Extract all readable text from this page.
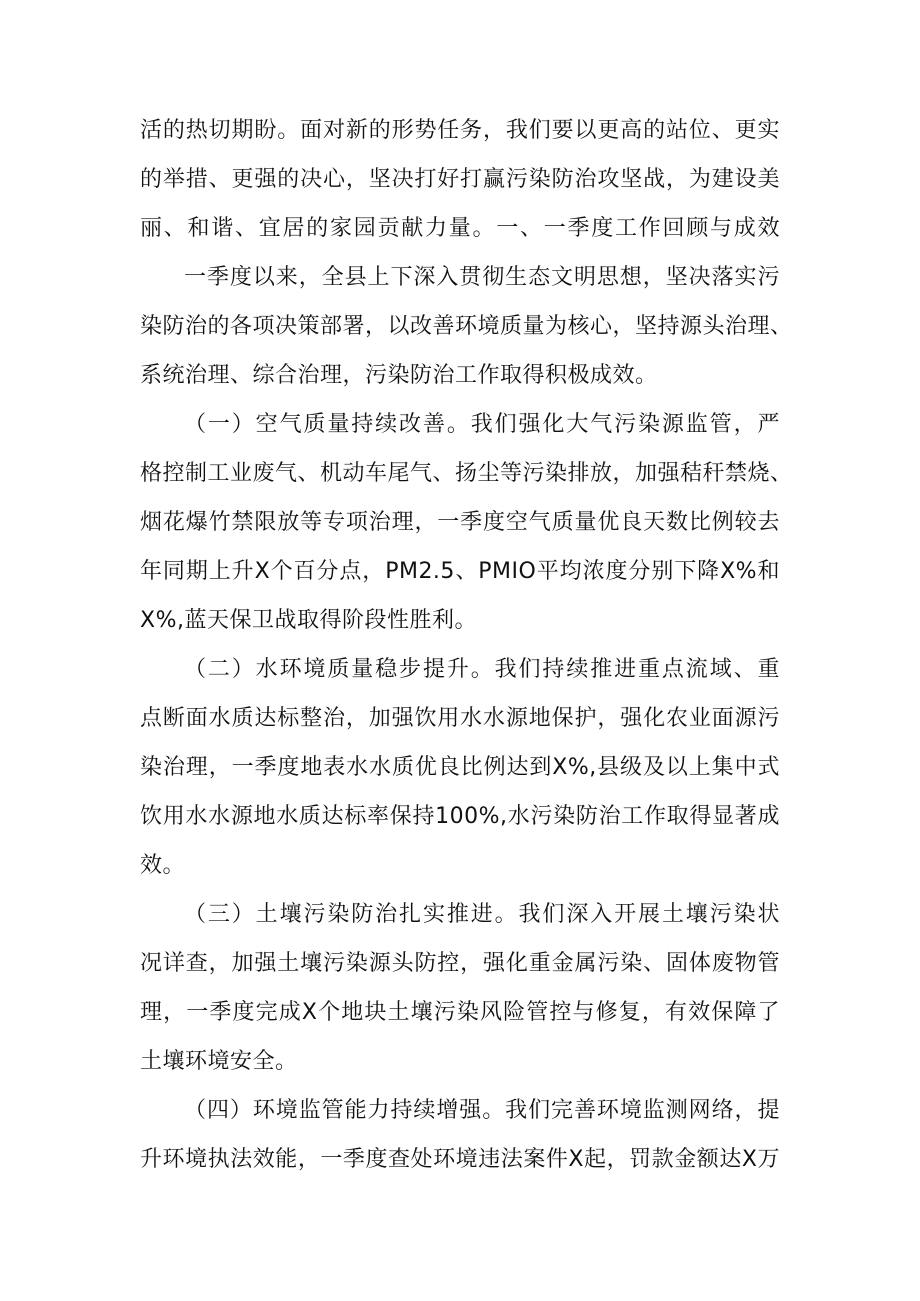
活的热切期盼。面对新的形势任务，我们要以更高的站位、更实
的举措、更强的决心，坚决打好打赢污染防治攻坚战，为建设美
丽、和谐、宜居的家园贡献力量。一、一季度工作回顾与成效
一季度以来，全县上下深入贯彻生态文明思想，坚决落实污
染防治的各项决策部署，以改善环境质量为核心，坚持源头治理、
系统治理、综合治理，污染防治工作取得积极成效。
（一）空气质量持续改善。我们强化大气污染源监管，严
格控制工业废气、机动车尾气、扬尘等污染排放，加强秸秆禁烧、
烟花爆竹禁限放等专项治理，一季度空气质量优良天数比例较去
年同期上升X个百分点，PM2.5、PMIO平均浓度分别下降X%和
X%,蓝天保卫战取得阶段性胜利。
（二）水环境质量稳步提升。我们持续推进重点流域、重
点断面水质达标整治，加强饮用水水源地保护，强化农业面源污
染治理，一季度地表水水质优良比例达到X%,县级及以上集中式
饮用水水源地水质达标率保持100%,水污染防治工作取得显著成
效。
（三）土壤污染防治扎实推进。我们深入开展土壤污染状
况详查，加强土壤污染源头防控，强化重金属污染、固体废物管
理，一季度完成X个地块土壤污染风险管控与修复，有效保障了
土壤环境安全。
（四）环境监管能力持续增强。我们完善环境监测网络，提
升环境执法效能，一季度查处环境违法案件X起，罚款金额达X万
